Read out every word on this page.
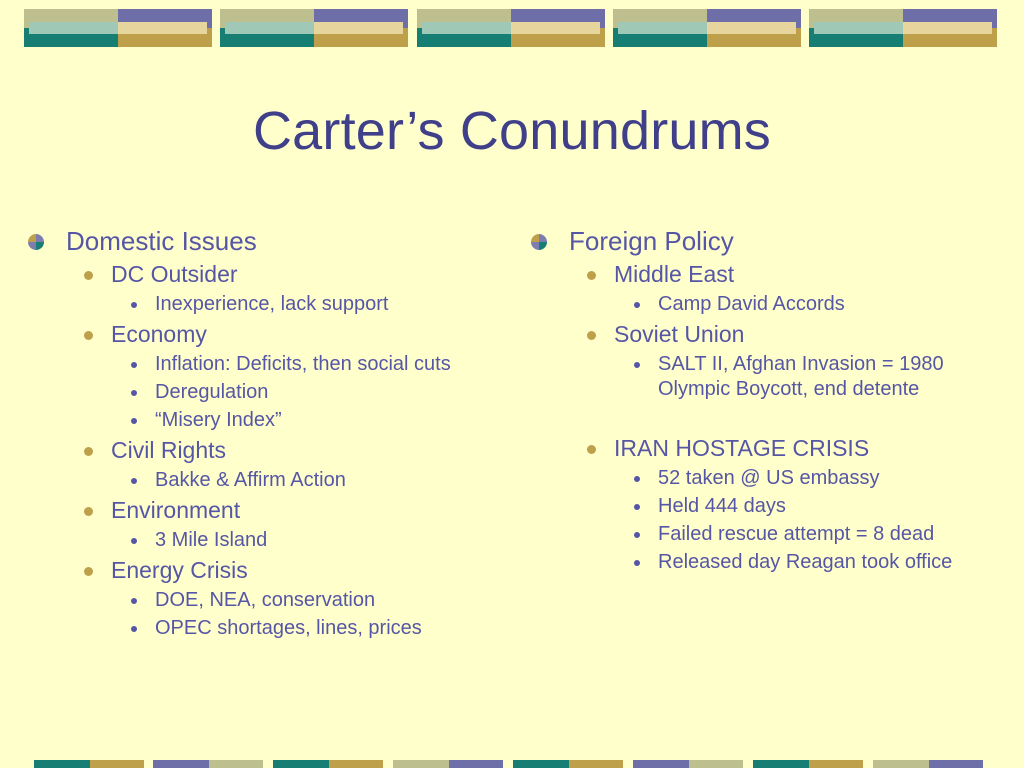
Carter’s Conundrums
Domestic Issues
DC Outsider
Inexperience, lack support
Economy
Inflation: Deficits, then social cuts
Deregulation
“Misery Index”
Civil Rights
Bakke & Affirm Action
Environment
3 Mile Island
Energy Crisis
DOE, NEA, conservation
OPEC shortages, lines, prices
Foreign Policy
Middle East
Camp David Accords
Soviet Union
SALT II, Afghan Invasion = 1980 Olympic Boycott, end detente
IRAN HOSTAGE CRISIS
52 taken @ US embassy
Held 444 days
Failed rescue attempt = 8 dead
Released day Reagan took office
